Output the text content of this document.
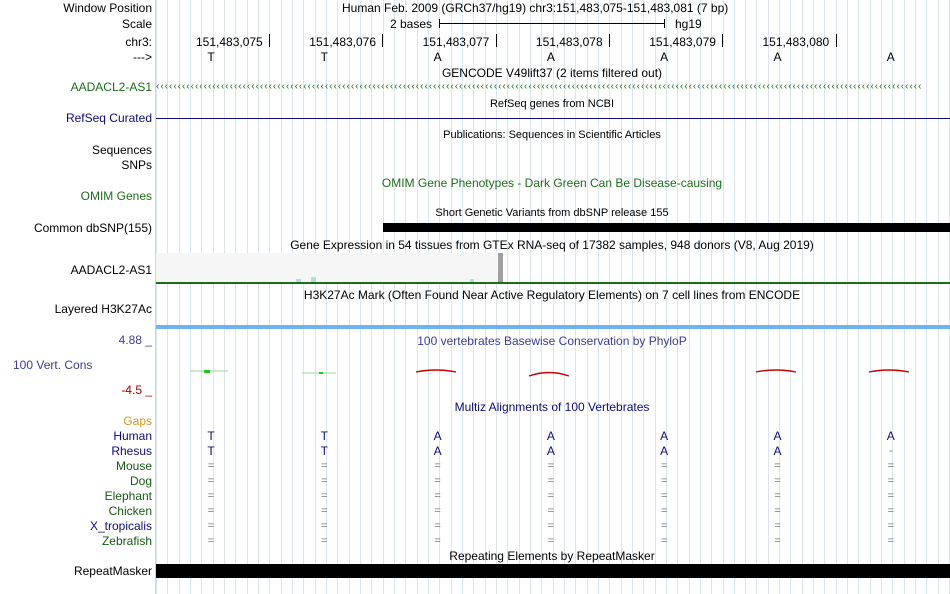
Window Position	Human Feb. 2009 (GRCh37/hg19) chr3:151,483,075-151,483,081 (7 bp)
Scale	2 bases	hg19
chr3:	151,483,075	151,483,076	151,483,077	151,483,078	151,483,079	151,483,080
--->	T	T	A	A	A	A	A
GENCODE V49lift37 (2 items filtered out)
AADACL2-AS1 ‹‹‹‹‹‹‹‹‹‹‹‹‹‹‹‹‹‹‹‹‹‹‹‹‹‹‹‹‹‹‹‹‹‹‹‹‹‹‹‹‹‹‹‹‹‹‹‹‹‹‹‹‹‹‹‹‹‹‹‹‹‹‹‹‹‹‹‹‹‹‹‹‹‹‹‹‹‹‹‹‹‹‹‹‹‹‹‹‹‹‹‹‹‹‹‹‹‹‹‹‹‹‹‹‹‹‹‹‹‹‹‹‹‹‹‹‹‹‹‹‹‹‹‹‹‹‹‹‹‹‹‹‹‹‹‹‹‹‹‹‹‹‹‹‹‹‹‹‹‹‹‹‹‹‹‹‹‹‹‹‹‹‹‹‹‹‹‹‹‹‹‹‹‹‹‹‹
RefSeq genes from NCBI
RefSeq Curated
Publications: Sequences in Scientific Articles
Sequences
SNPs
OMIM Gene Phenotypes - Dark Green Can Be Disease-causing
OMIM Genes
Short Genetic Variants from dbSNP release 155
Common dbSNP(155)
Gene Expression in 54 tissues from GTEx RNA-seq of 17382 samples, 948 donors (V8, Aug 2019)
AADACL2-AS1
H3K27Ac Mark (Often Found Near Active Regulatory Elements) on 7 cell lines from ENCODE
Layered H3K27Ac
100 vertebrates Basewise Conservation by PhyloP
4.88 _
100 Vert. Cons
-4.5 _
Multiz Alignments of 100 Vertebrates
Gaps
Human	T	T	A	A	A	A	A
Rhesus	T	T	A	A	A	A	-
Mouse	=	=	=	=	=	=	=
Dog	=	=	=	=	=	=	=
Elephant	=	=	=	=	=	=	=
Chicken	=	=	=	=	=	=	=
X_tropicalis	=	=	=	=	=	=	=
Zebrafish	=	=	=	=	=	=	=
Repeating Elements by RepeatMasker
RepeatMasker
